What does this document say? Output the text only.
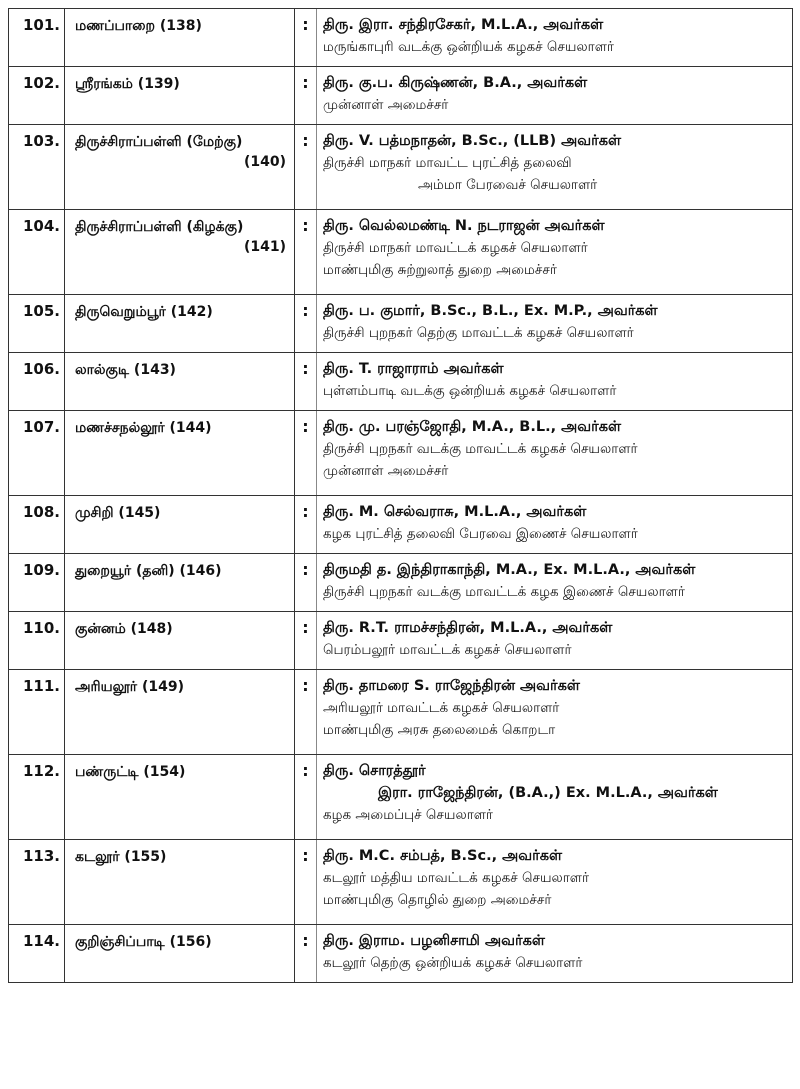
101.	மணப்பாறை (138)	:	திரு. இரா. சந்திரசேகர், M.L.A., அவர்கள்
மருங்காபுரி வடக்கு ஒன்றியக் கழகச் செயலாளர்

102.	ஸ்ரீரங்கம் (139)	:	திரு. கு.ப. கிருஷ்ணன், B.A., அவர்கள்
முன்னாள் அமைச்சர்

103.	திருச்சிராப்பள்ளி (மேற்கு)
(140)	:	திரு. V. பத்மநாதன், B.Sc., (LLB) அவர்கள்
திருச்சி மாநகர் மாவட்ட புரட்சித் தலைவி
அம்மா பேரவைச் செயலாளர்

104.	திருச்சிராப்பள்ளி (கிழக்கு)
(141)	:	திரு. வெல்லமண்டி N. நடராஜன் அவர்கள்
திருச்சி மாநகர் மாவட்டக் கழகச் செயலாளர்
மாண்புமிகு சுற்றுலாத் துறை அமைச்சர்

105.	திருவெறும்பூர் (142)	:	திரு. ப. குமார், B.Sc., B.L., Ex. M.P., அவர்கள்
திருச்சி புறநகர் தெற்கு மாவட்டக் கழகச் செயலாளர்

106.	லால்குடி (143)	:	திரு. T. ராஜாராம் அவர்கள்
புள்ளம்பாடி வடக்கு ஒன்றியக் கழகச் செயலாளர்

107.	மணச்சநல்லூர் (144)	:	திரு. மு. பரஞ்ஜோதி, M.A., B.L., அவர்கள்
திருச்சி புறநகர் வடக்கு மாவட்டக் கழகச் செயலாளர்
முன்னாள் அமைச்சர்

108.	முசிறி (145)	:	திரு. M. செல்வராசு, M.L.A., அவர்கள்
கழக புரட்சித் தலைவி பேரவை இணைச் செயலாளர்

109.	துறையூர் (தனி) (146)	:	திருமதி த. இந்திராகாந்தி, M.A., Ex. M.L.A., அவர்கள்
திருச்சி புறநகர் வடக்கு மாவட்டக் கழக இணைச் செயலாளர்

110.	குன்னம் (148)	:	திரு. R.T. ராமச்சந்திரன், M.L.A., அவர்கள்
பெரம்பலூர் மாவட்டக் கழகச் செயலாளர்

111.	அரியலூர் (149)	:	திரு. தாமரை S. ராஜேந்திரன் அவர்கள்
அரியலூர் மாவட்டக் கழகச் செயலாளர்
மாண்புமிகு அரசு தலைமைக் கொறடா

112.	பண்ருட்டி (154)	:	திரு. சொரத்தூர்
இரா. ராஜேந்திரன், (B.A.,) Ex. M.L.A., அவர்கள்
கழக அமைப்புச் செயலாளர்

113.	கடலூர் (155)	:	திரு. M.C. சம்பத், B.Sc., அவர்கள்
கடலூர் மத்திய மாவட்டக் கழகச் செயலாளர்
மாண்புமிகு தொழில் துறை அமைச்சர்

114.	குறிஞ்சிப்பாடி (156)	:	திரு. இராம. பழனிசாமி அவர்கள்
கடலூர் தெற்கு ஒன்றியக் கழகச் செயலாளர்
